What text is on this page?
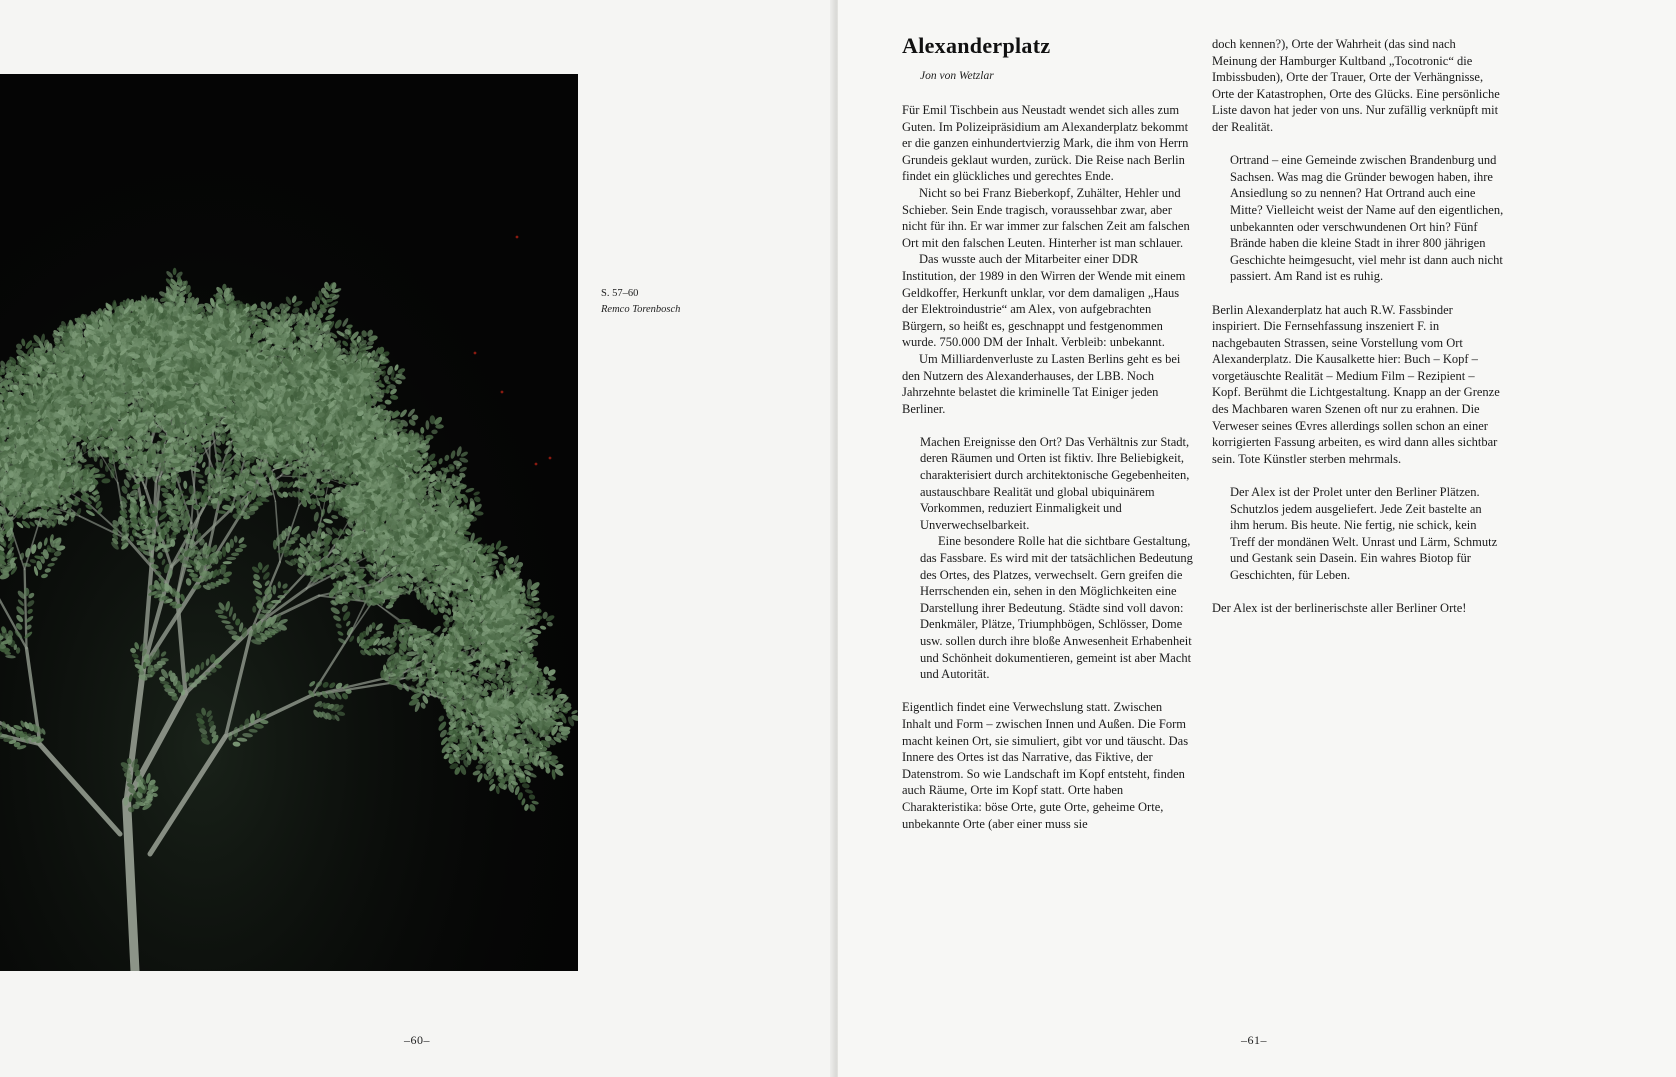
S. 57–60
Remco Torenbosch
–60–
Alexanderplatz
Jon von Wetzlar

Für Emil Tischbein aus Neustadt wendet sich alles zum Guten. Im Polizeipräsidium am Alexanderplatz bekommt er die ganzen einhundertvierzig Mark, die ihm von Herrn Grundeis geklaut wurden, zurück. Die Reise nach Berlin findet ein glückliches und gerechtes Ende.

Nicht so bei Franz Bieberkopf, Zuhälter, Hehler und Schieber. Sein Ende tragisch, voraussehbar zwar, aber nicht für ihn. Er war immer zur falschen Zeit am falschen Ort mit den falschen Leuten. Hinterher ist man schlauer.

Das wusste auch der Mitarbeiter einer DDR Institution, der 1989 in den Wirren der Wende mit einem Geldkoffer, Herkunft unklar, vor dem damaligen „Haus der Elektroindustrie“ am Alex, von aufgebrachten Bürgern, so heißt es, geschnappt und festgenommen wurde. 750.000 DM der Inhalt. Verbleib: unbekannt.

Um Milliardenverluste zu Lasten Berlins geht es bei den Nutzern des Alexanderhauses, der LBB. Noch Jahrzehnte belastet die kriminelle Tat Einiger jeden Berliner.

Machen Ereignisse den Ort? Das Verhältnis zur Stadt, deren Räumen und Orten ist fiktiv. Ihre Beliebigkeit, charakterisiert durch architektonische Gegebenheiten, austauschbare Realität und global ubiquinärem Vorkommen, reduziert Einmaligkeit und Unverwechselbarkeit.

Eine besondere Rolle hat die sichtbare Gestaltung, das Fassbare. Es wird mit der tatsächlichen Bedeutung des Ortes, des Platzes, verwechselt. Gern greifen die Herrschenden ein, sehen in den Möglichkeiten eine Darstellung ihrer Bedeutung. Städte sind voll davon: Denkmäler, Plätze, Triumphbögen, Schlösser, Dome usw. sollen durch ihre bloße Anwesenheit Erhabenheit und Schönheit dokumentieren, gemeint ist aber Macht und Autorität.

Eigentlich findet eine Verwechslung statt. Zwischen Inhalt und Form – zwischen Innen und Außen. Die Form macht keinen Ort, sie simuliert, gibt vor und täuscht. Das Innere des Ortes ist das Narrative, das Fiktive, der Datenstrom. So wie Landschaft im Kopf entsteht, finden auch Räume, Orte im Kopf statt. Orte haben Charakteristika: böse Orte, gute Orte, geheime Orte, unbekannte Orte (aber einer muss sie

doch kennen?), Orte der Wahrheit (das sind nach Meinung der Hamburger Kultband „Tocotronic“ die Imbissbuden), Orte der Trauer, Orte der Verhängnisse, Orte der Katastrophen, Orte des Glücks. Eine persönliche Liste davon hat jeder von uns. Nur zufällig verknüpft mit der Realität.

Ortrand – eine Gemeinde zwischen Brandenburg und Sachsen. Was mag die Gründer bewogen haben, ihre Ansiedlung so zu nennen? Hat Ortrand auch eine Mitte? Vielleicht weist der Name auf den eigentlichen, unbekannten oder verschwundenen Ort hin? Fünf Brände haben die kleine Stadt in ihrer 800 jährigen Geschichte heimgesucht, viel mehr ist dann auch nicht passiert. Am Rand ist es ruhig.

Berlin Alexanderplatz hat auch R.W. Fassbinder inspiriert. Die Fernsehfassung inszeniert F. in nachgebauten Strassen, seine Vorstellung vom Ort Alexanderplatz. Die Kausalkette hier: Buch – Kopf – vorgetäuschte Realität – Medium Film – Rezipient – Kopf. Berühmt die Lichtgestaltung. Knapp an der Grenze des Machbaren waren Szenen oft nur zu erahnen. Die Verweser seines Œvres allerdings sollen schon an einer korrigierten Fassung arbeiten, es wird dann alles sichtbar sein. Tote Künstler sterben mehrmals.

Der Alex ist der Prolet unter den Berliner Plätzen. Schutzlos jedem ausgeliefert. Jede Zeit bastelte an ihm herum. Bis heute. Nie fertig, nie schick, kein Treff der mondänen Welt. Unrast und Lärm, Schmutz und Gestank sein Dasein. Ein wahres Biotop für Geschichten, für Leben.

Der Alex ist der berlinerischste aller Berliner Orte!

–61–
